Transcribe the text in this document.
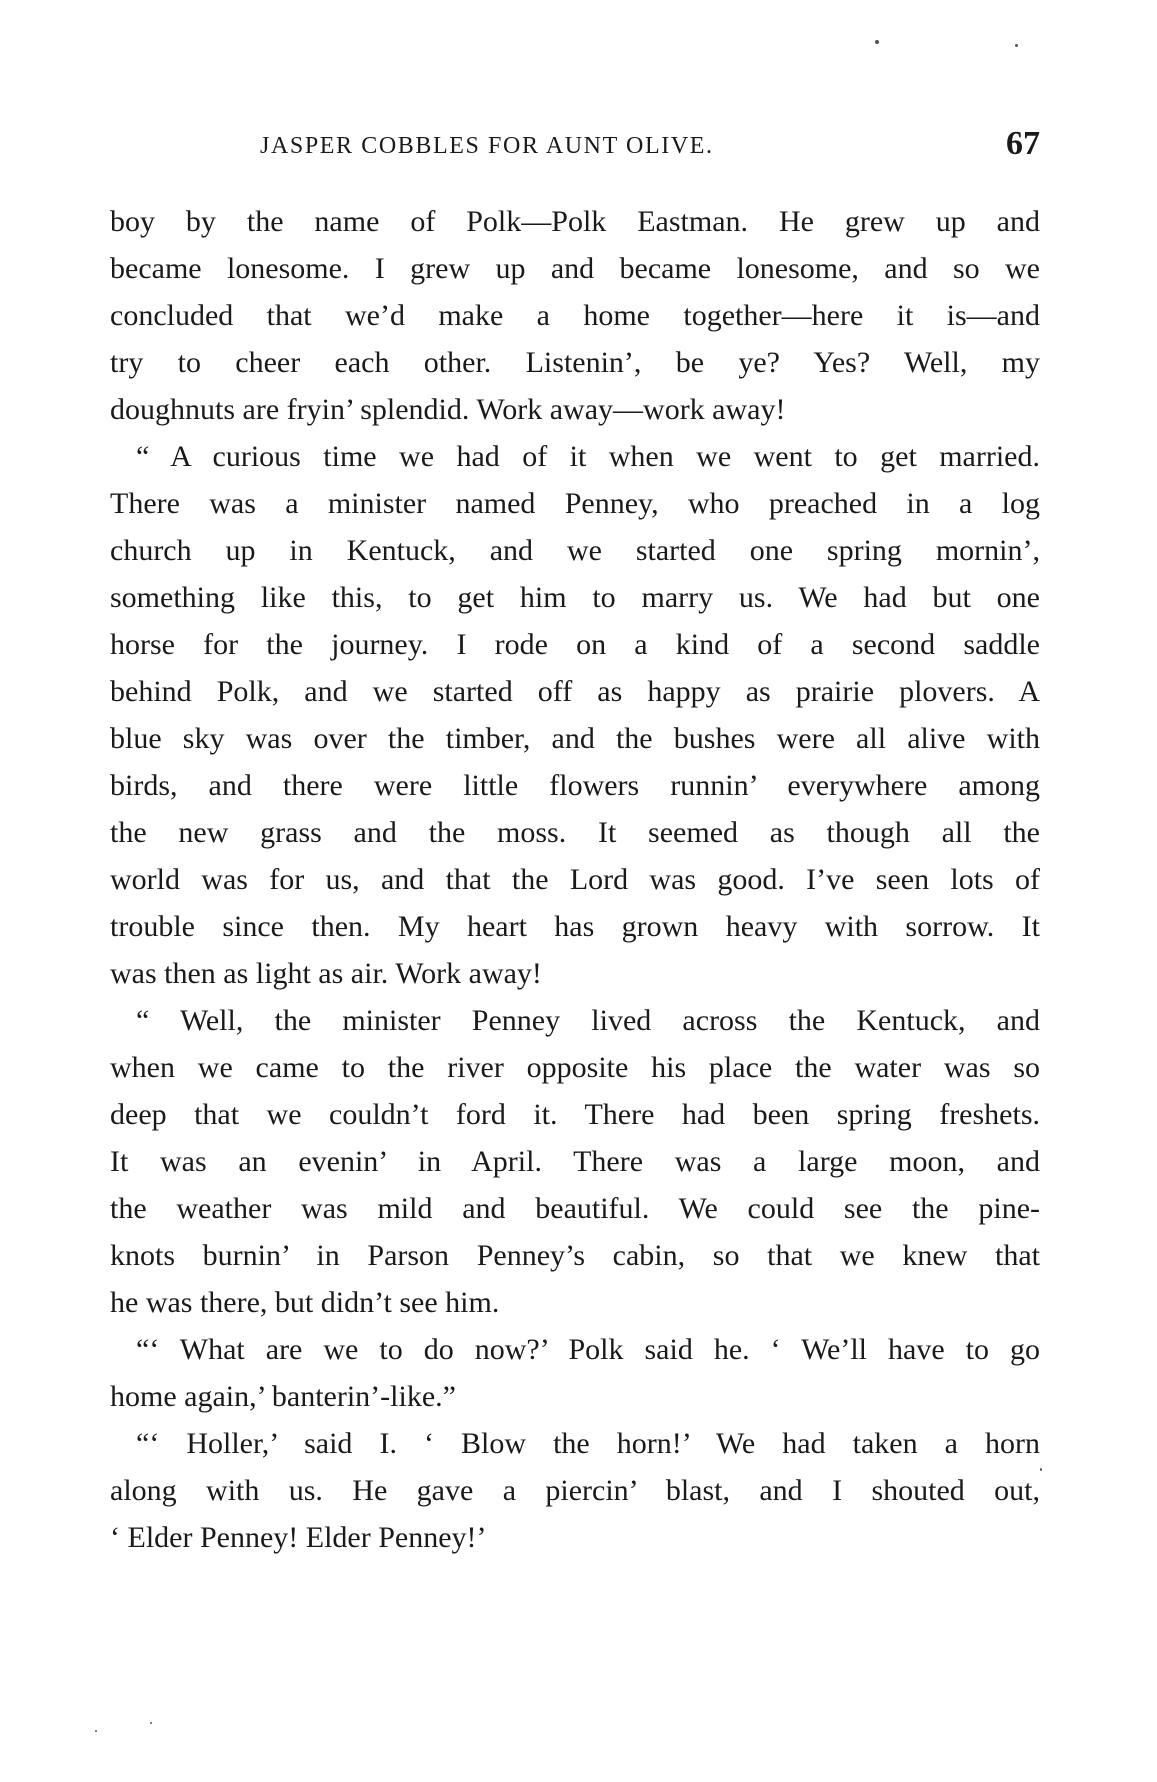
JASPER COBBLES FOR AUNT OLIVE.	67
boy by the name of Polk—Polk Eastman. He grew up and
became lonesome. I grew up and became lonesome, and so we
concluded that we’d make a home together—here it is—and
try to cheer each other. Listenin’, be ye? Yes? Well, my
doughnuts are fryin’ splendid. Work away—work away!
“ A curious time we had of it when we went to get married.
There was a minister named Penney, who preached in a log
church up in Kentuck, and we started one spring mornin’,
something like this, to get him to marry us. We had but one
horse for the journey. I rode on a kind of a second saddle
behind Polk, and we started off as happy as prairie plovers. A
blue sky was over the timber, and the bushes were all alive with
birds, and there were little flowers runnin’ everywhere among
the new grass and the moss. It seemed as though all the
world was for us, and that the Lord was good. I’ve seen lots of
trouble since then. My heart has grown heavy with sorrow. It
was then as light as air. Work away!
“ Well, the minister Penney lived across the Kentuck, and
when we came to the river opposite his place the water was so
deep that we couldn’t ford it. There had been spring freshets.
It was an evenin’ in April. There was a large moon, and
the weather was mild and beautiful. We could see the pine-
knots burnin’ in Parson Penney’s cabin, so that we knew that
he was there, but didn’t see him.
“‘ What are we to do now?’ Polk said he. ‘ We’ll have to go
home again,’ banterin’-like.”
“‘ Holler,’ said I. ‘ Blow the horn!’ We had taken a horn
along with us. He gave a piercin’ blast, and I shouted out,
‘ Elder Penney! Elder Penney!’
